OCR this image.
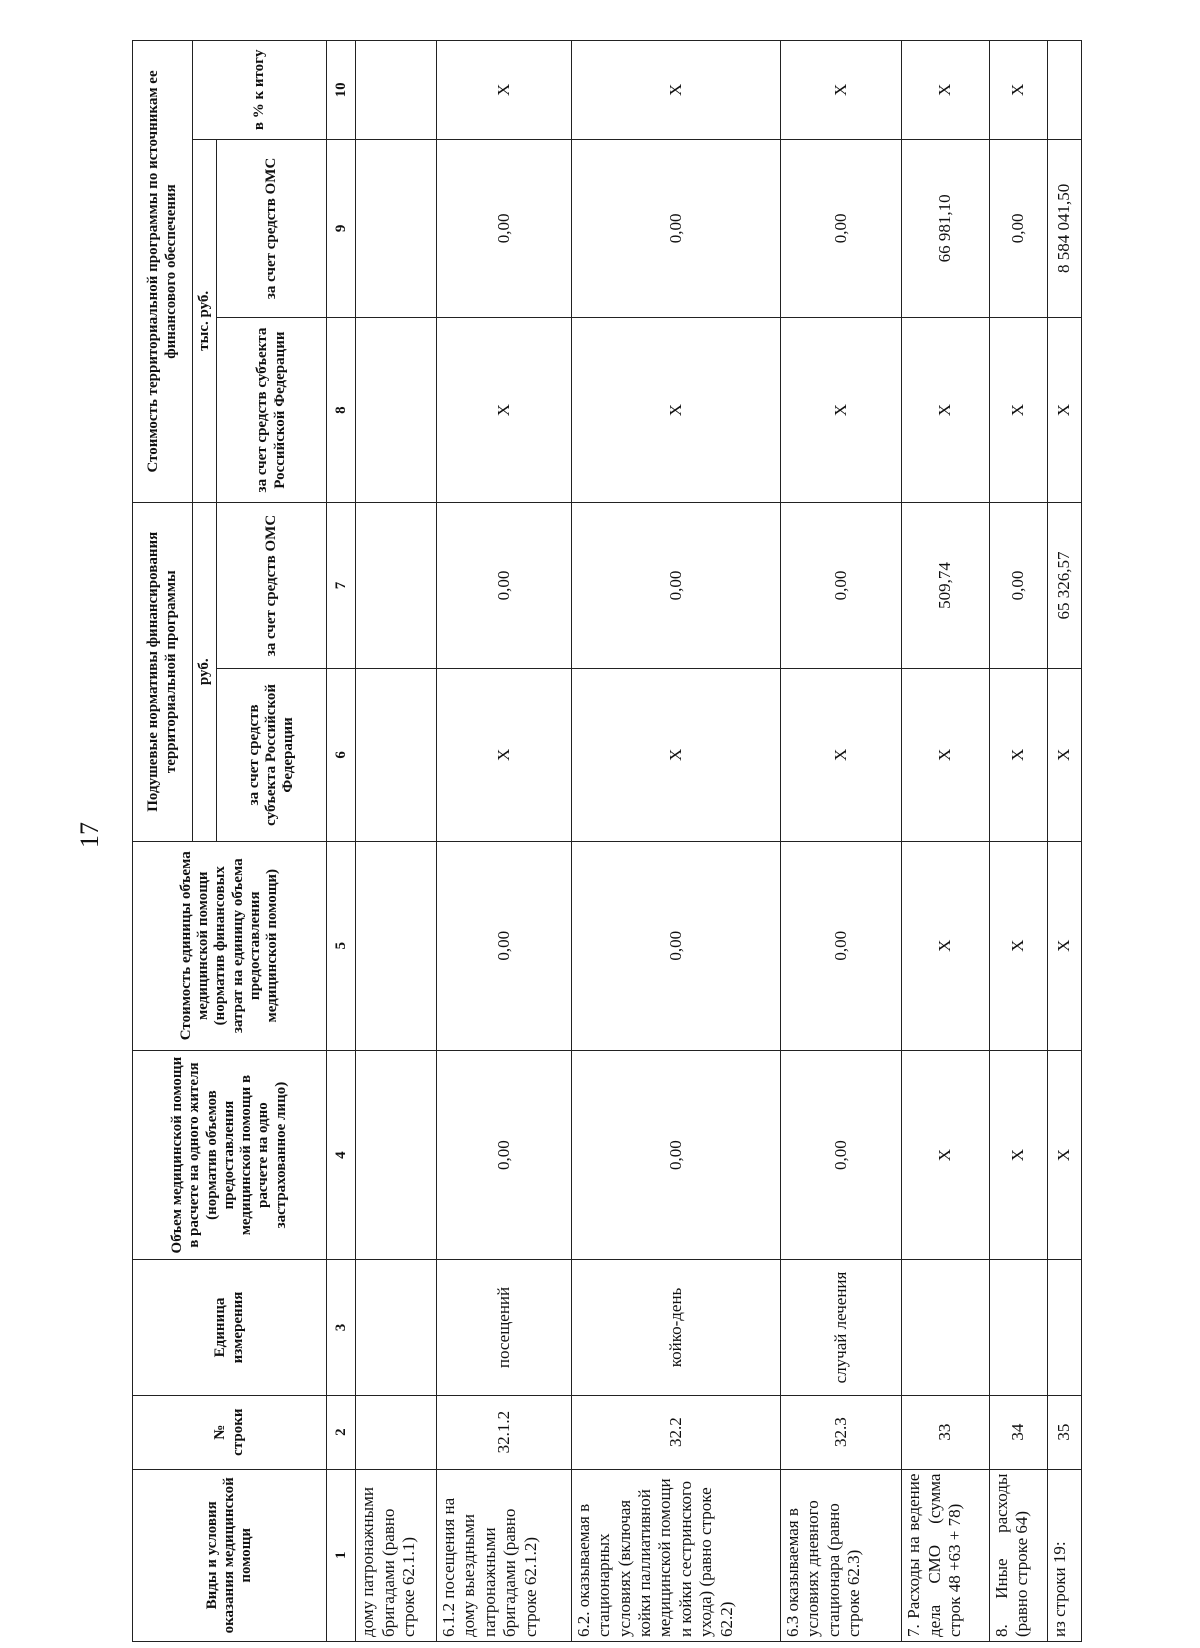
17
Виды и условия оказания медицинской помощи	№ строки	Единица измерения	Объем медицинской помощи в расчете на одного жителя (норматив объемов предоставления медицинской помощи в расчете на одно застрахованное лицо)	Стоимость единицы объема медицинской помощи (норматив финансовых затрат на единицу объема предоставления медицинской помощи)	Подушевые нормативы финансирования территориальной программы		Стоимость территориальной программы по источникам ее финансового обеспечения		
					руб.		тыс. руб.		в % к итогу
					за счет средств субъекта Российской Федерации	за счет средств ОМС	за счет средств субъекта Российской Федерации	за счет средств ОМС	
1	2	3	4	5	6	7	8	9	10
дому патронажными бригадами (равно строке 62.1.1)									
6.1.2 посещения на дому выездными патронажными бригадами (равно строке 62.1.2)	32.1.2	посещений	0,00	0,00	Х	0,00	Х	0,00	Х
6.2. оказываемая в стационарных условиях (включая койки паллиативной медицинской помощи и койки сестринского ухода) (равно строке 62.2)	32.2	койко-день	0,00	0,00	Х	0,00	Х	0,00	Х
6.3 оказываемая в условиях дневного стационара (равно строке 62.3)	32.3	случай лечения	0,00	0,00	Х	0,00	Х	0,00	Х
7. Расходы на ведение дела СМО (сумма строк 48 +63 + 78)	33		Х	Х	Х	509,74	Х	66 981,10	Х
8. Иные расходы (равно строке 64)	34		Х	Х	Х	0,00	Х	0,00	Х
из строки 19:	35		Х	Х	Х	65 326,57	Х	8 584 041,50	
